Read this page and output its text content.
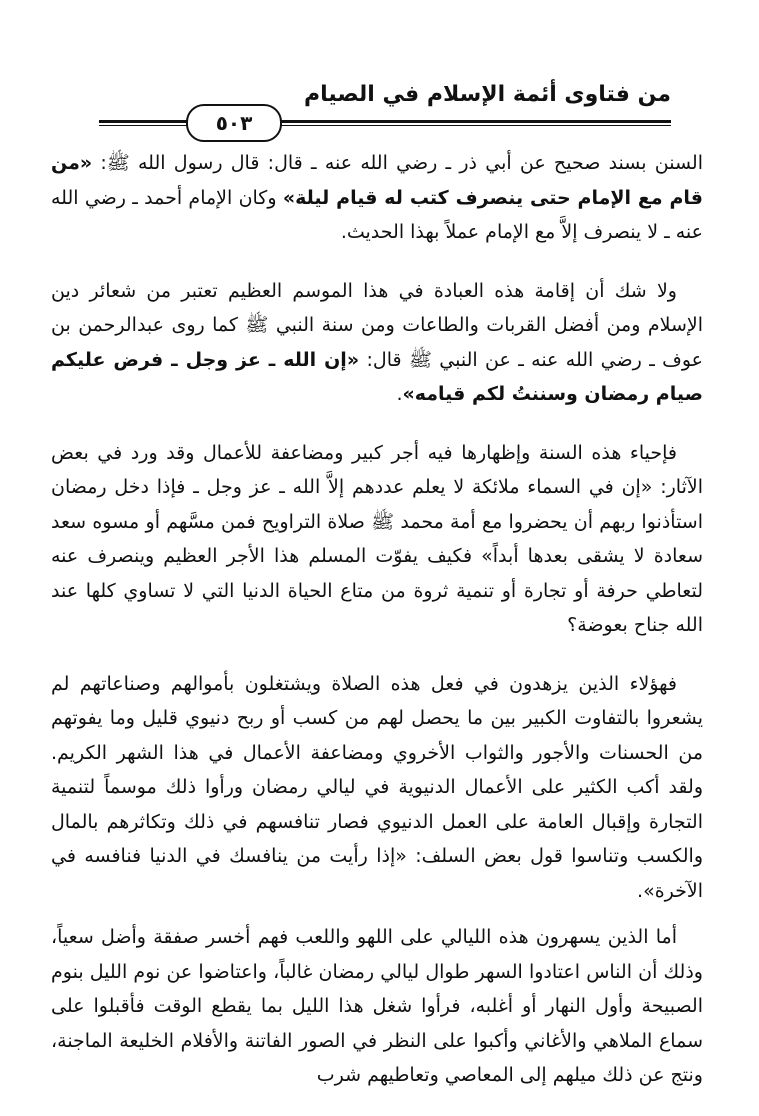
من فتاوى أئمة الإسلام في الصيام
٥٠٣

السنن بسند صحيح عن أبي ذر ـ رضي الله عنه ـ قال: قال رسول الله ﷺ: «من قام مع الإمام حتى ينصرف كتب له قيام ليلة» وكان الإمام أحمد ـ رضي الله عنه ـ لا ينصرف إلاَّ مع الإمام عملاً بهذا الحديث.

ولا شك أن إقامة هذه العبادة في هذا الموسم العظيم تعتبر من شعائر دين الإسلام ومن أفضل القربات والطاعات ومن سنة النبي ﷺ كما روى عبدالرحمن بن عوف ـ رضي الله عنه ـ عن النبي ﷺ قال: «إن الله ـ عز وجل ـ فرض عليكم صيام رمضان وسننتُ لكم قيامه».

فإحياء هذه السنة وإظهارها فيه أجر كبير ومضاعفة للأعمال وقد ورد في بعض الآثار: «إن في السماء ملائكة لا يعلم عددهم إلاَّ الله ـ عز وجل ـ فإذا دخل رمضان استأذنوا ربهم أن يحضروا مع أمة محمد ﷺ صلاة التراويح فمن مسَّهم أو مسوه سعد سعادة لا يشقى بعدها أبداً» فكيف يفوّت المسلم هذا الأجر العظيم وينصرف عنه لتعاطي حرفة أو تجارة أو تنمية ثروة من متاع الحياة الدنيا التي لا تساوي كلها عند الله جناح بعوضة؟

فهؤلاء الذين يزهدون في فعل هذه الصلاة ويشتغلون بأموالهم وصناعاتهم لم يشعروا بالتفاوت الكبير بين ما يحصل لهم من كسب أو ربح دنيوي قليل وما يفوتهم من الحسنات والأجور والثواب الأخروي ومضاعفة الأعمال في هذا الشهر الكريم. ولقد أكب الكثير على الأعمال الدنيوية في ليالي رمضان ورأوا ذلك موسماً لتنمية التجارة وإقبال العامة على العمل الدنيوي فصار تنافسهم في ذلك وتكاثرهم بالمال والكسب وتناسوا قول بعض السلف: «إذا رأيت من ينافسك في الدنيا فنافسه في الآخرة».

أما الذين يسهرون هذه الليالي على اللهو واللعب فهم أخسر صفقة وأضل سعياً، وذلك أن الناس اعتادوا السهر طوال ليالي رمضان غالباً، واعتاضوا عن نوم الليل بنوم الصبيحة وأول النهار أو أغلبه، فرأوا شغل هذا الليل بما يقطع الوقت فأقبلوا على سماع الملاهي والأغاني وأكبوا على النظر في الصور الفاتنة والأفلام الخليعة الماجنة، ونتج عن ذلك ميلهم إلى المعاصي وتعاطيهم شرب
